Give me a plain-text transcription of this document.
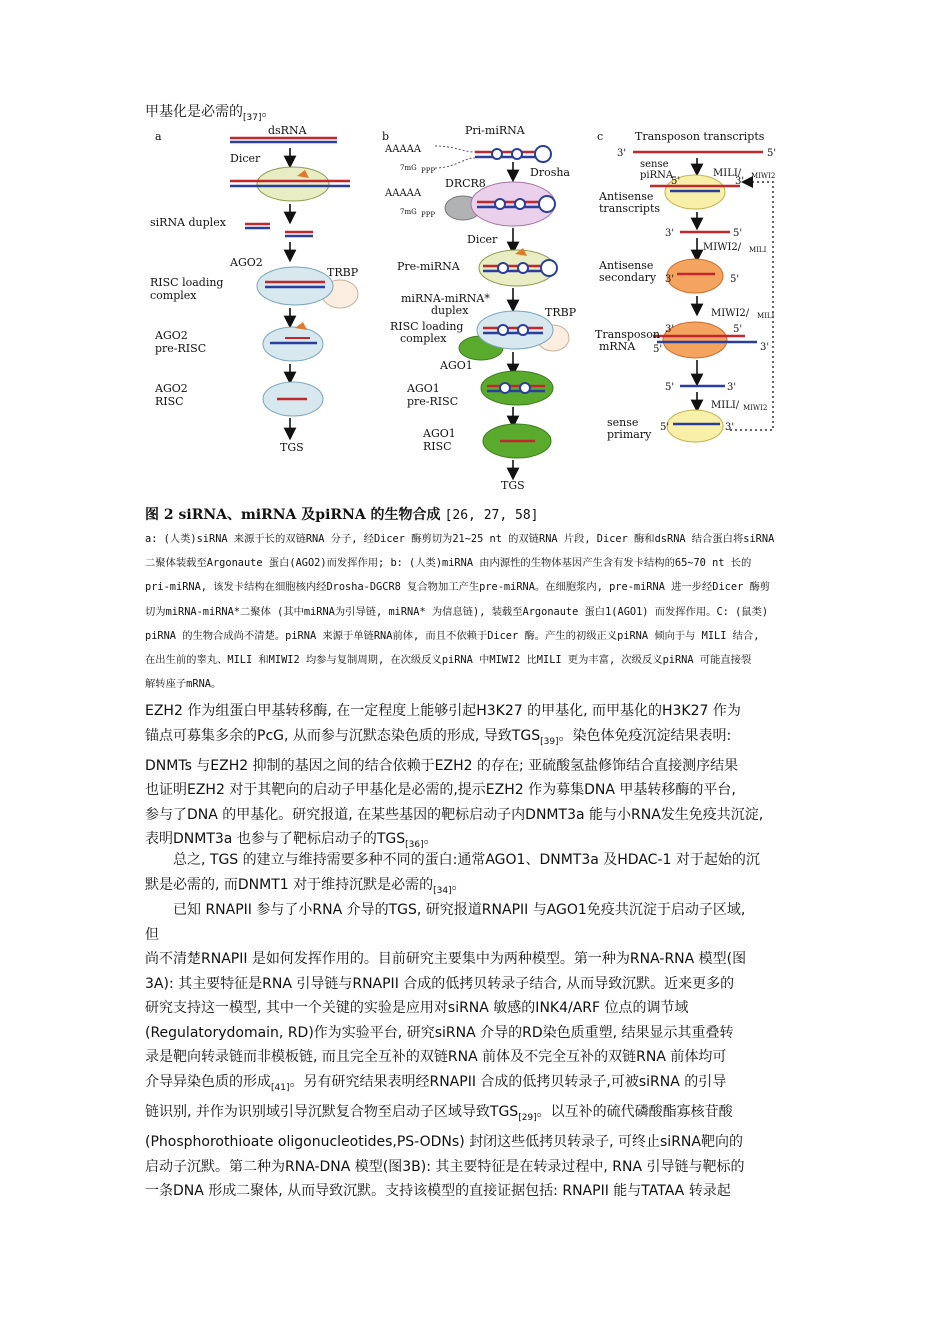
甲基化是必需的$_{[37]}$。
a	dsRNA
Dicer
siRNA duplex
AGO2
TRBP
RISC loading
complex
AGO2
pre-RISC
AGO2
RISC
TGS
b	Pri-miRNA
AAAAA
7mG PPP	Drosha
DRCR8
AAAAA
7mG PPP
Dicer
Pre-miRNA
miRNA-miRNA*
duplex	TRBP
RISC loading
complex
AGO1
AGO1
pre-RISC
AGO1
RISC
TGS
c	Transposon transcripts
3'	5'
sense
piRNA	MILI/ MIWI2
5'	3'
Antisense
transcripts
3'	5'
MIWI2/ MILI
3'	5'
Antisense
secondary
MIWI2/ MILI
3'	5'
5'	3'
Transposon
mRNA
5'	3'
MILI/ MIWI2
5'	3'
sense
primary
图 2 siRNA、miRNA 及piRNA 的生物合成 [26, 27, 58]
a: (人类)siRNA 来源于长的双链RNA 分子, 经Dicer 酶剪切为21~25 nt 的双链RNA 片段, Dicer 酶和dsRNA 结合蛋白将siRNA
二聚体装载至Argonaute 蛋白(AGO2)而发挥作用; b: (人类)miRNA 由内源性的生物体基因产生含有发卡结构的65~70 nt 长的
pri-miRNA, 该发卡结构在细胞核内经Drosha-DGCR8 复合物加工产生pre-miRNA。在细胞浆内, pre-miRNA 进一步经Dicer 酶剪
切为miRNA-miRNA*二聚体 (其中miRNA为引导链, miRNA* 为信息链), 装载至Argonaute 蛋白1(AGO1) 而发挥作用。C: (鼠类)
piRNA 的生物合成尚不清楚。piRNA 来源于单链RNA前体, 而且不依赖于Dicer 酶。产生的初级正义piRNA 倾向于与 MILI 结合,
在出生前的睾丸、MILI 和MIWI2 均参与复制周期, 在次级反义piRNA 中MIWI2 比MILI 更为丰富, 次级反义piRNA 可能直接裂
解转座子mRNA。
EZH2 作为组蛋白甲基转移酶, 在一定程度上能够引起H3K27 的甲基化, 而甲基化的H3K27 作为
锚点可募集多余的PcG, 从而参与沉默态染色质的形成, 导致$TGS_{[39]}$。染色体免疫沉淀结果表明:
DNMTs 与EZH2 抑制的基因之间的结合依赖于EZH2 的存在; 亚硫酸氢盐修饰结合直接测序结果
也证明EZH2 对于其靶向的启动子甲基化是必需的,提示EZH2 作为募集DNA 甲基转移酶的平台,
参与了DNA 的甲基化。研究报道, 在某些基因的靶标启动子内DNMT3a 能与小RNA发生免疫共沉淀,
表明DNMT3a 也参与了靶标启动子的$TGS_{[36]}$。
　　总之, TGS 的建立与维持需要多种不同的蛋白:通常AGO1、DNMT3a 及HDAC-1 对于起始的沉
默是必需的, 而DNMT1 对于维持沉默是必需的$_{[34]}$。
　　已知 RNAPII 参与了小RNA 介导的TGS, 研究报道RNAPII 与AGO1免疫共沉淀于启动子区域,
但
尚不清楚RNAPII 是如何发挥作用的。目前研究主要集中为两种模型。第一种为RNA-RNA 模型(图
3A): 其主要特征是RNA 引导链与RNAPII 合成的低拷贝转录子结合, 从而导致沉默。近来更多的
研究支持这一模型, 其中一个关键的实验是应用对siRNA 敏感的INK4/ARF 位点的调节域
(Regulatorydomain, RD)作为实验平台, 研究siRNA 介导的RD染色质重塑, 结果显示其重叠转
录是靶向转录链而非模板链, 而且完全互补的双链RNA 前体及不完全互补的双链RNA 前体均可
介导异染色质的形成$_{[41]}$。另有研究结果表明经RNAPII 合成的低拷贝转录子,可被siRNA 的引导
链识别, 并作为识别域引导沉默复合物至启动子区域导致$TGS_{[29]}$。以互补的硫代磷酸酯寡核苷酸
(Phosphorothioate oligonucleotides,PS-ODNs) 封闭这些低拷贝转录子, 可终止siRNA靶向的
启动子沉默。第二种为RNA-DNA 模型(图3B): 其主要特征是在转录过程中, RNA 引导链与靶标的
一条DNA 形成二聚体, 从而导致沉默。支持该模型的直接证据包括: RNAPII 能与TATAA 转录起
